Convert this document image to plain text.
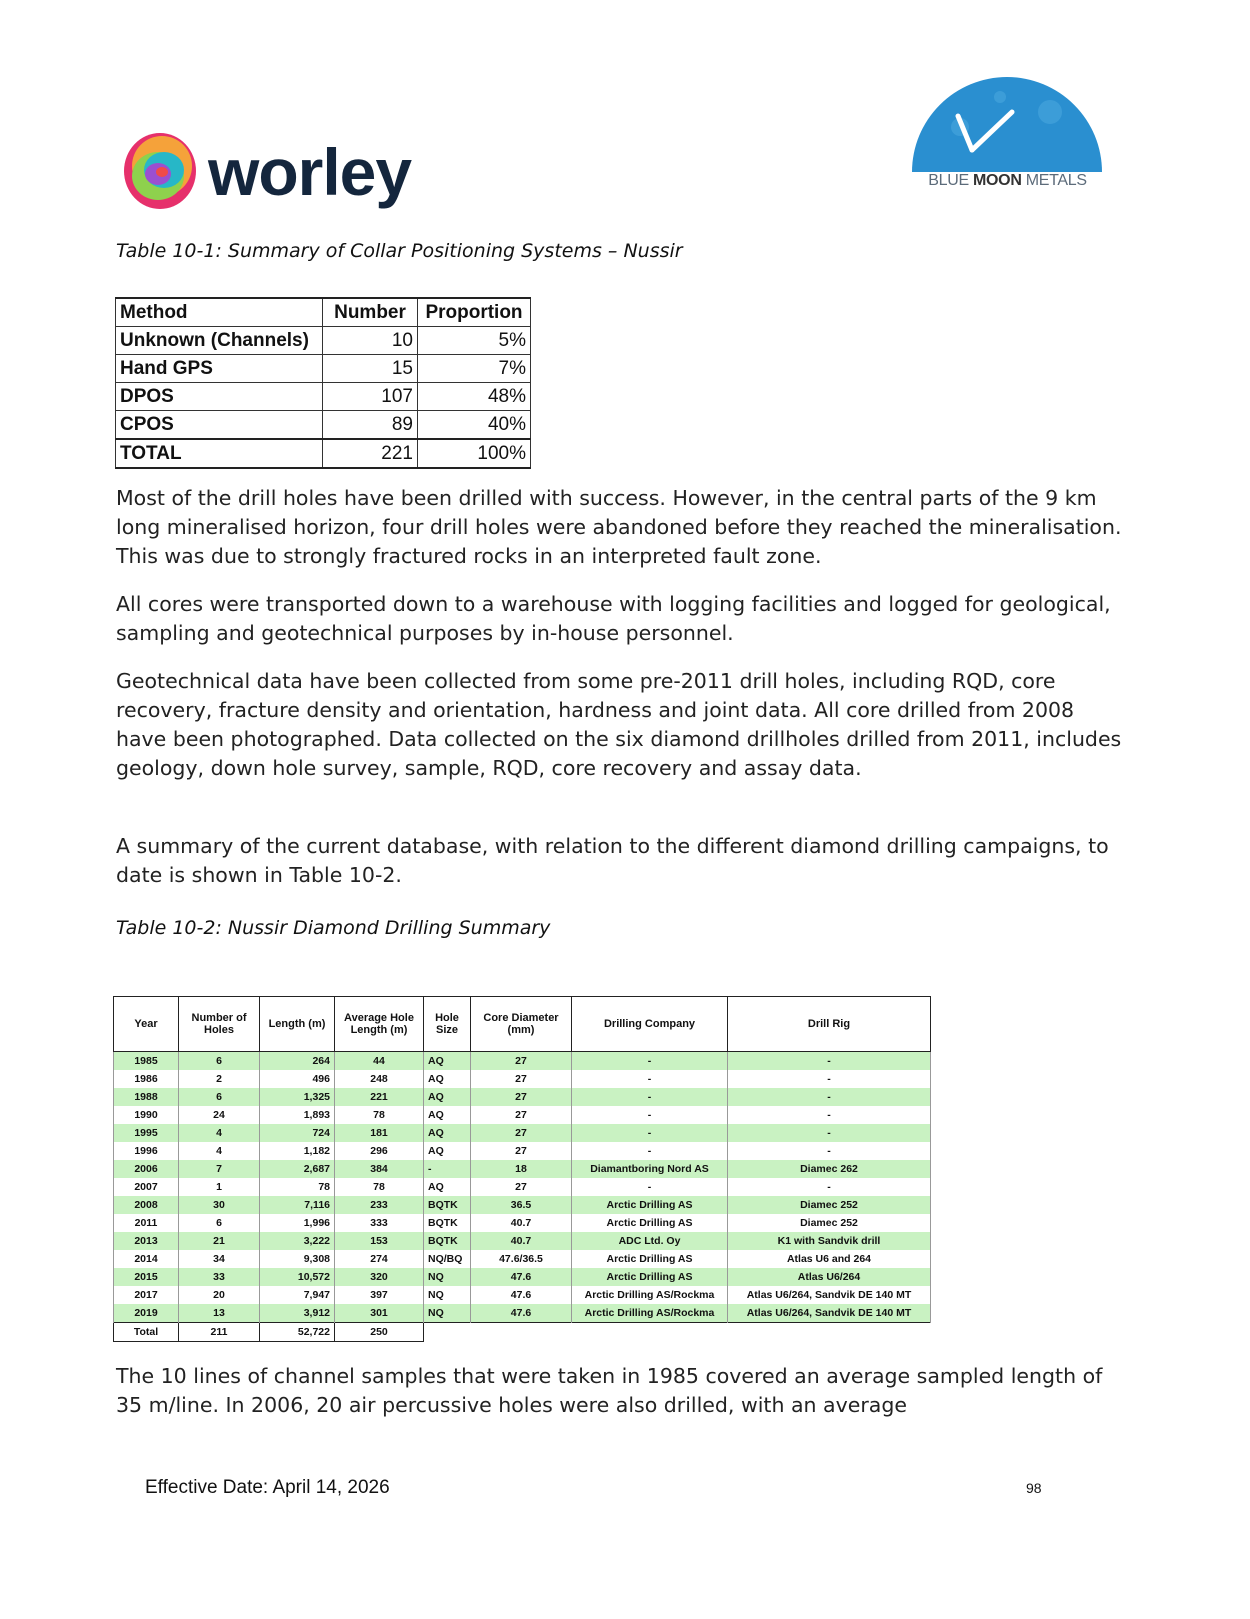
worley	BLUE MOON METALS
Table 10-1: Summary of Collar Positioning Systems – Nussir
Method	Number	Proportion
Unknown (Channels)	10	5%
Hand GPS	15	7%
DPOS	107	48%
CPOS	89	40%
TOTAL	221	100%
Most of the drill holes have been drilled with success. However, in the central parts of the 9 km long mineralised horizon, four drill holes were abandoned before they reached the mineralisation. This was due to strongly fractured rocks in an interpreted fault zone.
All cores were transported down to a warehouse with logging facilities and logged for geological, sampling and geotechnical purposes by in-house personnel.
Geotechnical data have been collected from some pre-2011 drill holes, including RQD, core recovery, fracture density and orientation, hardness and joint data. All core drilled from 2008 have been photographed. Data collected on the six diamond drillholes drilled from 2011, includes geology, down hole survey, sample, RQD, core recovery and assay data.
A summary of the current database, with relation to the different diamond drilling campaigns, to date is shown in Table 10-2.
Table 10-2: Nussir Diamond Drilling Summary
Year	Number of Holes	Length (m)	Average Hole Length (m)	Hole Size	Core Diameter (mm)	Drilling Company	Drill Rig
1985	6	264	44	AQ	27	-	-
1986	2	496	248	AQ	27	-	-
1988	6	1,325	221	AQ	27	-	-
1990	24	1,893	78	AQ	27	-	-
1995	4	724	181	AQ	27	-	-
1996	4	1,182	296	AQ	27	-	-
2006	7	2,687	384	-	18	Diamantboring Nord AS	Diamec 262
2007	1	78	78	AQ	27	-	-
2008	30	7,116	233	BQTK	36.5	Arctic Drilling AS	Diamec 252
2011	6	1,996	333	BQTK	40.7	Arctic Drilling AS	Diamec 252
2013	21	3,222	153	BQTK	40.7	ADC Ltd. Oy	K1 with Sandvik drill
2014	34	9,308	274	NQ/BQ	47.6/36.5	Arctic Drilling AS	Atlas U6 and 264
2015	33	10,572	320	NQ	47.6	Arctic Drilling AS	Atlas U6/264
2017	20	7,947	397	NQ	47.6	Arctic Drilling AS/Rockma	Atlas U6/264, Sandvik DE 140 MT
2019	13	3,912	301	NQ	47.6	Arctic Drilling AS/Rockma	Atlas U6/264, Sandvik DE 140 MT
Total	211	52,722	250				
The 10 lines of channel samples that were taken in 1985 covered an average sampled length of 35 m/line. In 2006, 20 air percussive holes were also drilled, with an average
Effective Date: April 14, 2026	98
